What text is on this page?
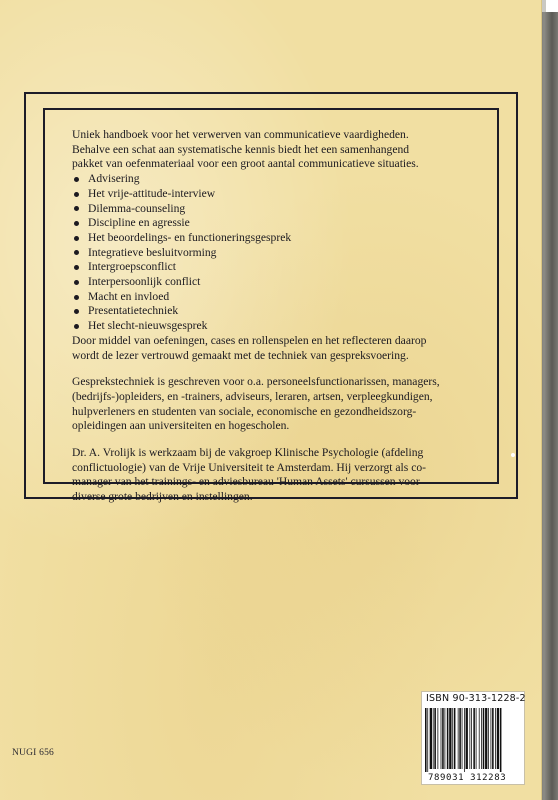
Uniek handboek voor het verwerven van communicatieve vaardigheden.

Behalve een schat aan systematische kennis biedt het een samenhangend

pakket van oefenmateriaal voor een groot aantal communicatieve situaties.

Advisering
Het vrije-attitude-interview
Dilemma-counseling
Discipline en agressie
Het beoordelings- en functioneringsgesprek
Integratieve besluitvorming
Intergroepsconflict
Interpersoonlijk conflict
Macht en invloed
Presentatietechniek
Het slecht-nieuwsgesprek

Door middel van oefeningen, cases en rollenspelen en het reflecteren daarop

wordt de lezer vertrouwd gemaakt met de techniek van gespreksvoering.

Gesprekstechniek is geschreven voor o.a. personeelsfunctionarissen, managers,

(bedrijfs-)opleiders, en -trainers, adviseurs, leraren, artsen, verpleegkundigen,

hulpverleners en studenten van sociale, economische en gezondheidszorg-

opleidingen aan universiteiten en hogescholen.

Dr. A. Vrolijk is werkzaam bij de vakgroep Klinische Psychologie (afdeling

conflictuologie) van de Vrije Universiteit te Amsterdam. Hij verzorgt als co-

manager van het trainings- en adviesbureau 'Human Assets' cursussen voor

diverse grote bedrijven en instellingen.

NUGI 656
ISBN 90-313-1228-2
789031 312283
